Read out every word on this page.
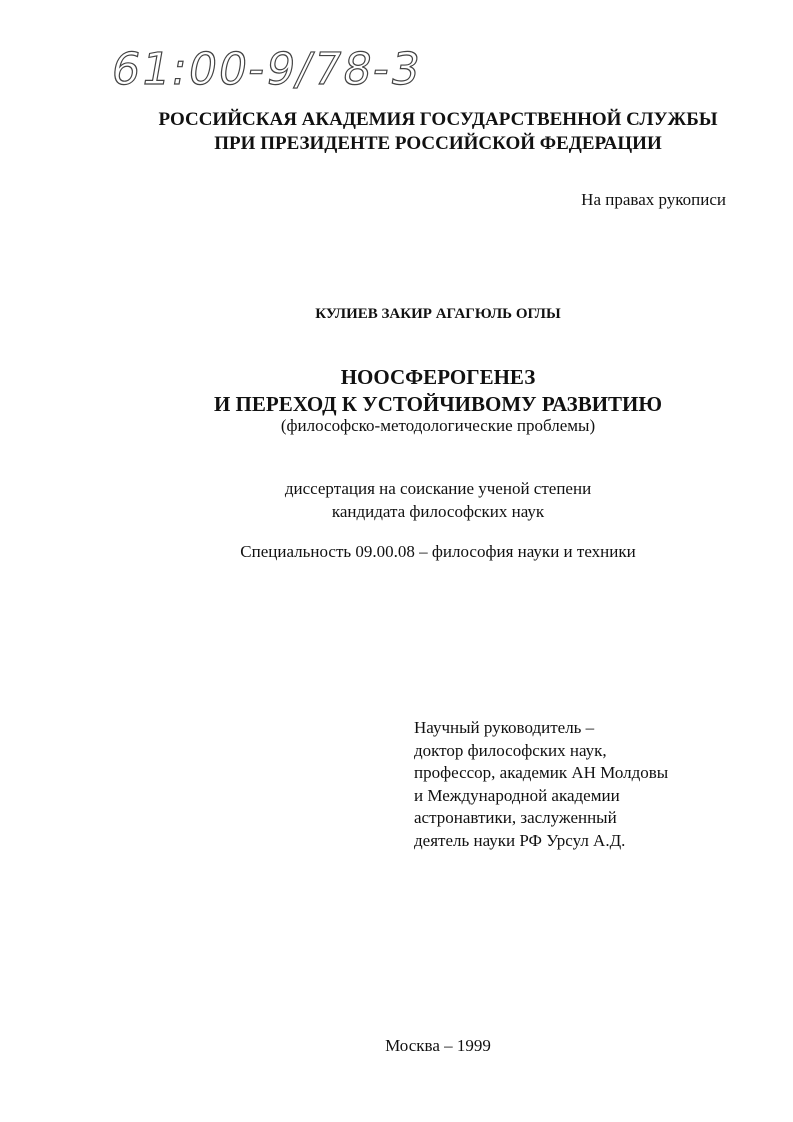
61:00-9/78-3
РОССИЙСКАЯ АКАДЕМИЯ ГОСУДАРСТВЕННОЙ СЛУЖБЫ
ПРИ ПРЕЗИДЕНТЕ РОССИЙСКОЙ ФЕДЕРАЦИИ
На правах рукописи
КУЛИЕВ ЗАКИР АГАГЮЛЬ ОГЛЫ
НООСФЕРОГЕНЕЗ
И ПЕРЕХОД К УСТОЙЧИВОМУ РАЗВИТИЮ
(философско-методологические проблемы)
диссертация на соискание ученой степени
кандидата философских наук
Специальность 09.00.08 – философия науки и техники
Научный руководитель –
доктор философских наук,
профессор, академик АН Молдовы
и Международной академии
астронавтики, заслуженный
деятель науки РФ Урсул А.Д.
Москва – 1999
